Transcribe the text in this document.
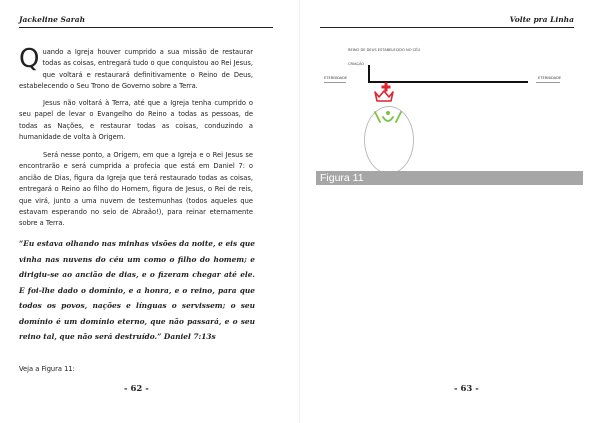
Jackeline Sarah
Quando a Igreja houver cumprido a sua missão de restaurar todas as coisas, entregará tudo o que conquistou ao Rei Jesus, que voltará e restaurará definitivamente o Reino de Deus, estabelecendo o Seu Trono de Governo sobre a Terra.
Jesus não voltará à Terra, até que a Igreja tenha cumprido o seu papel de levar o Evangelho do Reino a todas as pessoas, de todas as Nações, e restaurar todas as coisas, conduzindo a humanidade de volta à Origem.
Será nesse ponto, a Origem, em que a Igreja e o Rei Jesus se encontrarão e será cumprida a profecia que está em Daniel 7: o ancião de Dias, figura da Igreja que terá restaurado todas as coisas, entregará o Reino ao filho do Homem, figura de Jesus, o Rei de reis, que virá, junto a uma nuvem de testemunhas (todos aqueles que estavam esperando no seio de Abraão!), para reinar eternamente sobre a Terra.
“Eu estava olhando nas minhas visões da noite, e eis que vinha nas nuvens do céu um como o filho do homem; e dirigiu-se ao ancião de dias, e o fizeram chegar até ele. E foi-lhe dado o domínio, e a honra, e o reino, para que todos os povos, nações e línguas o servissem; o seu domínio é um domínio eterno, que não passará, e o seu reino tal, que não será destruído.” Daniel 7:13s
Veja a Figura 11:
- 62 -
Volte pra Linha
REINO DE DEUS ESTABELECIDO NO CÉU
CRIAÇÃO
ETERNIDADE	ETERNIDADE
Figura 11
- 63 -
